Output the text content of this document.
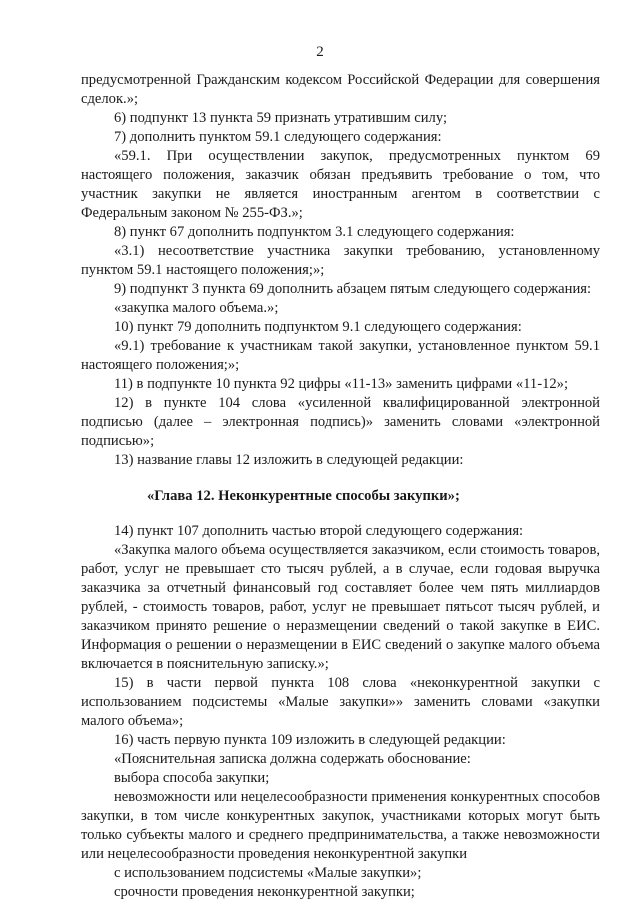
2

предусмотренной Гражданским кодексом Российской Федерации для совершения сделок.»;

6) подпункт 13 пункта 59 признать утратившим силу;

7) дополнить пунктом 59.1 следующего содержания:

«59.1. При осуществлении закупок, предусмотренных пунктом 69 настоящего положения, заказчик обязан предъявить требование о том, что участник закупки не является иностранным агентом в соответствии с Федеральным законом № 255-ФЗ.»;

8) пункт 67 дополнить подпунктом 3.1 следующего содержания:

«3.1) несоответствие участника закупки требованию, установленному пунктом 59.1 настоящего положения;»;

9) подпункт 3 пункта 69 дополнить абзацем пятым следующего содержания:

«закупка малого объема.»;

10) пункт 79 дополнить подпунктом 9.1 следующего содержания:

«9.1) требование к участникам такой закупки, установленное пунктом 59.1 настоящего положения;»;

11) в подпункте 10 пункта 92 цифры «11-13» заменить цифрами «11-12»;

12) в пункте 104 слова «усиленной квалифицированной электронной подписью (далее – электронная подпись)» заменить словами «электронной подписью»;

13) название главы 12 изложить в следующей редакции:

«Глава 12. Неконкурентные способы закупки»;

14) пункт 107 дополнить частью второй следующего содержания:

«Закупка малого объема осуществляется заказчиком, если стоимость товаров, работ, услуг не превышает сто тысяч рублей, а в случае, если годовая выручка заказчика за отчетный финансовый год составляет более чем пять миллиардов рублей, - стоимость товаров, работ, услуг не превышает пятьсот тысяч рублей, и заказчиком принято решение о неразмещении сведений о такой закупке в ЕИС. Информация о решении о неразмещении в ЕИС сведений о закупке малого объема включается в пояснительную записку.»;

15) в части первой пункта 108 слова «неконкурентной закупки с использованием подсистемы «Малые закупки»» заменить словами «закупки малого объема»;

16) часть первую пункта 109 изложить в следующей редакции:

«Пояснительная записка должна содержать обоснование:

выбора способа закупки;

невозможности или нецелесообразности применения конкурентных способов закупки, в том числе конкурентных закупок, участниками которых могут быть только субъекты малого и среднего предпринимательства, а также невозможности или нецелесообразности проведения неконкурентной закупки

с использованием подсистемы «Малые закупки»;

срочности проведения неконкурентной закупки;
